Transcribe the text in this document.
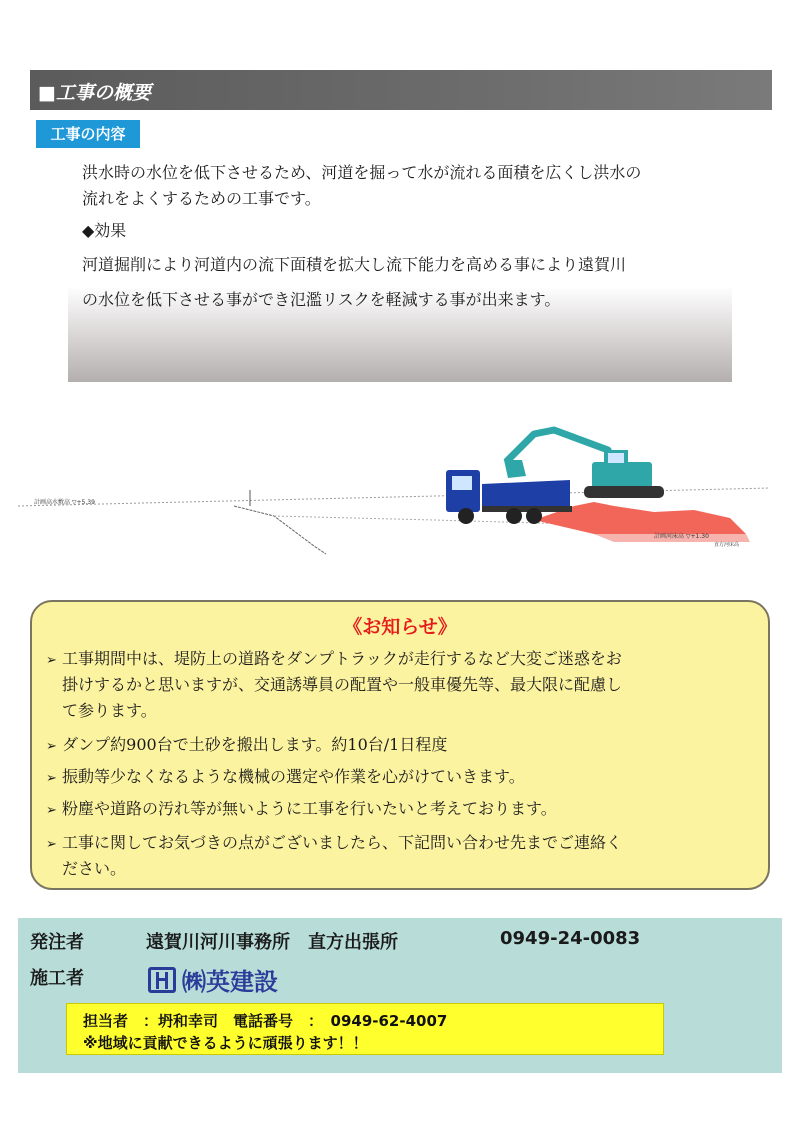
■工事の概要
工事の内容
洪水時の水位を低下させるため、河道を掘って水が流れる面積を広くし洪水の
流れをよくするための工事です。
◆効果
河道掘削により河道内の流下面積を拡大し流下能力を高める事により遠賀川
の水位を低下させる事ができ氾濫リスクを軽減する事が出来ます。
計画高水敷高 ▽+5.39
計画河床高 ▽+1.30
直方河床高
《お知らせ》
➢ 工事期間中は、堤防上の道路をダンプトラックが走行するなど大変ご迷惑をお
掛けするかと思いますが、交通誘導員の配置や一般車優先等、最大限に配慮し
て参ります。
➢ ダンプ約900台で土砂を搬出します。約10台/1日程度
➢ 振動等少なくなるような機械の選定や作業を心がけていきます。
➢ 粉塵や道路の汚れ等が無いように工事を行いたいと考えております。
➢ 工事に関してお気づきの点がございましたら、下記問い合わせ先までご連絡く
ださい。
発注者	遠賀川河川事務所　直方出張所	0949-24-0083
施工者	㈱英建設
担当者　：坍和幸司　電話番号　：　0949-62-4007
※地域に貢献できるように頑張ります！！
